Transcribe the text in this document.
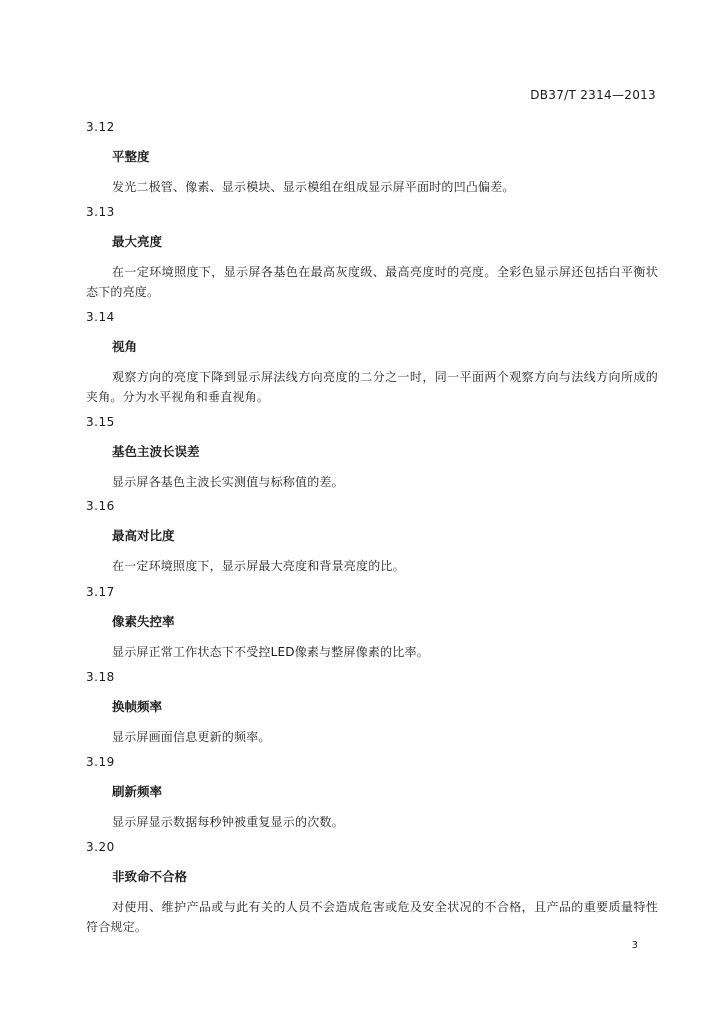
DB37/T 2314—2013
3.12
平整度
发光二极管、像素、显示模块、显示模组在组成显示屏平面时的凹凸偏差。
3.13
最大亮度
在一定环境照度下，显示屏各基色在最高灰度级、最高亮度时的亮度。全彩色显示屏还包括白平衡状态下的亮度。
3.14
视角
观察方向的亮度下降到显示屏法线方向亮度的二分之一时，同一平面两个观察方向与法线方向所成的夹角。分为水平视角和垂直视角。
3.15
基色主波长误差
显示屏各基色主波长实测值与标称值的差。
3.16
最高对比度
在一定环境照度下，显示屏最大亮度和背景亮度的比。
3.17
像素失控率
显示屏正常工作状态下不受控LED像素与整屏像素的比率。
3.18
换帧频率
显示屏画面信息更新的频率。
3.19
刷新频率
显示屏显示数据每秒钟被重复显示的次数。
3.20
非致命不合格
对使用、维护产品或与此有关的人员不会造成危害或危及安全状况的不合格，且产品的重要质量特性符合规定。
3
